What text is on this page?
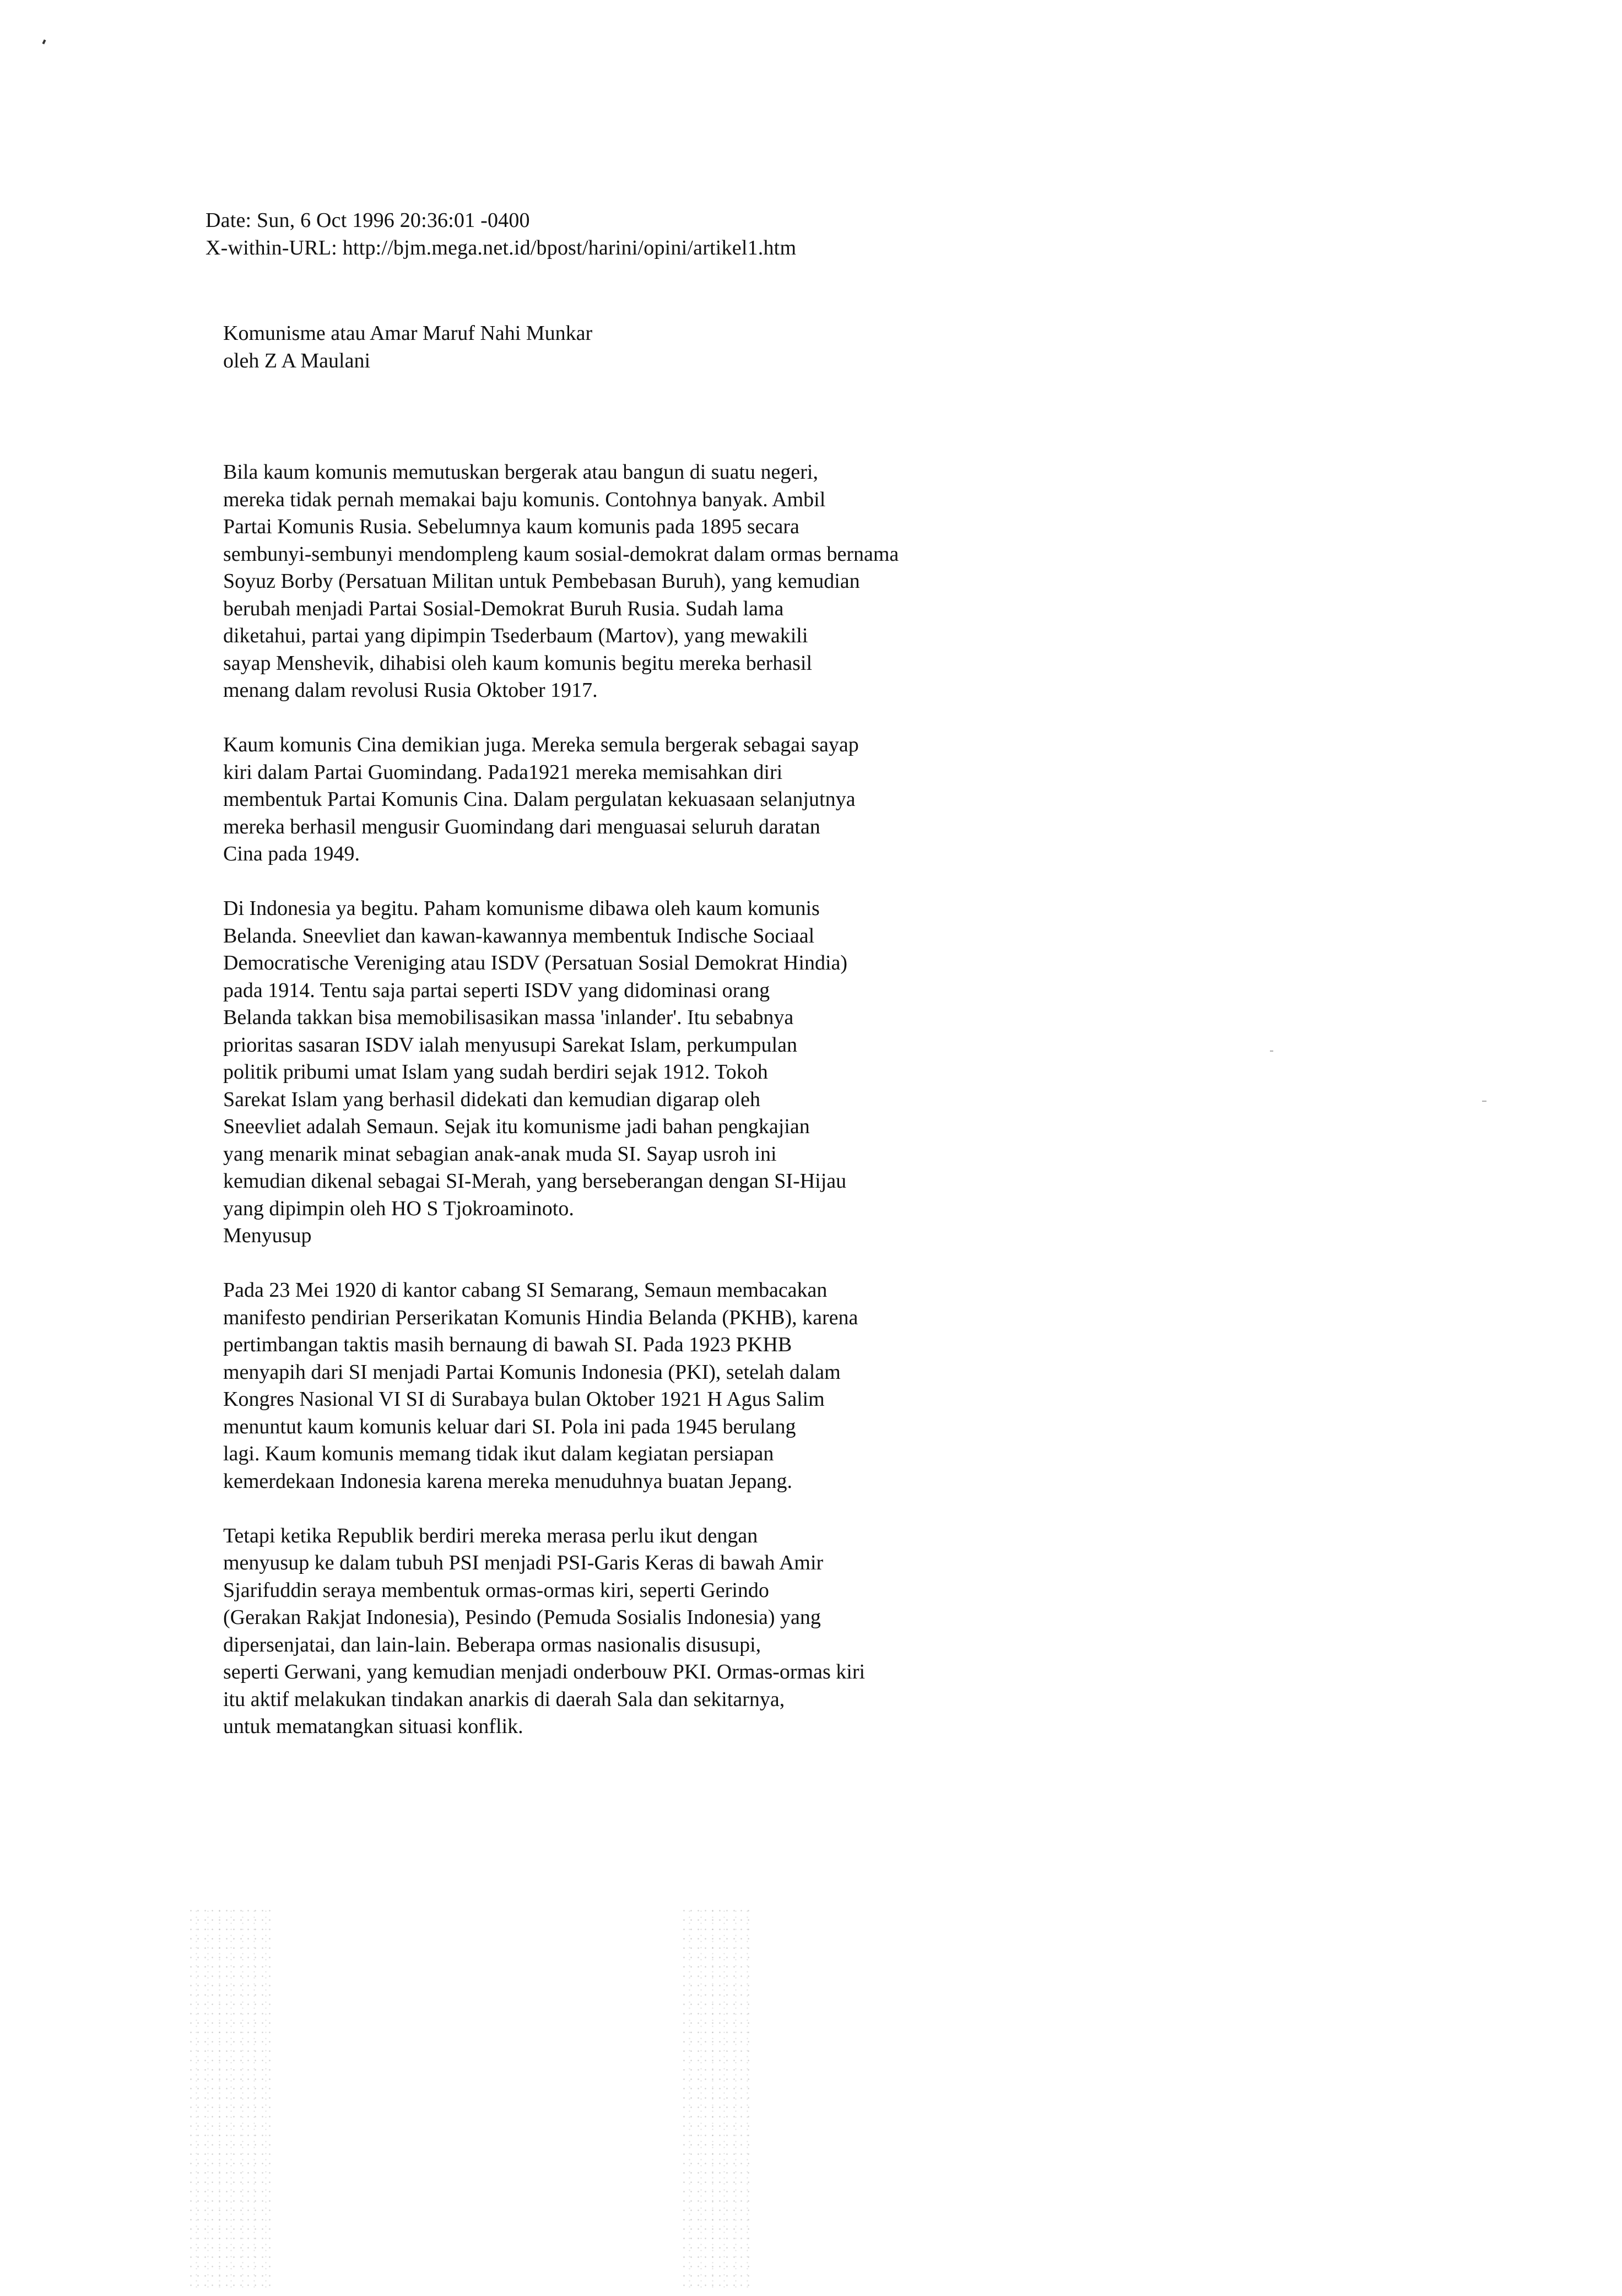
Date: Sun, 6 Oct 1996 20:36:01 -0400
X-within-URL: http://bjm.mega.net.id/bpost/harini/opini/artikel1.htm
Komunisme atau Amar Maruf Nahi Munkar
oleh Z A Maulani
Bila kaum komunis memutuskan bergerak atau bangun di suatu negeri,
mereka tidak pernah memakai baju komunis. Contohnya banyak. Ambil
Partai Komunis Rusia. Sebelumnya kaum komunis pada 1895 secara
sembunyi-sembunyi mendompleng kaum sosial-demokrat dalam ormas bernama
Soyuz Borby (Persatuan Militan untuk Pembebasan Buruh), yang kemudian
berubah menjadi Partai Sosial-Demokrat Buruh Rusia. Sudah lama
diketahui, partai yang dipimpin Tsederbaum (Martov), yang mewakili
sayap Menshevik, dihabisi oleh kaum komunis begitu mereka berhasil
menang dalam revolusi Rusia Oktober 1917.
Kaum komunis Cina demikian juga. Mereka semula bergerak sebagai sayap
kiri dalam Partai Guomindang. Pada1921 mereka memisahkan diri
membentuk Partai Komunis Cina. Dalam pergulatan kekuasaan selanjutnya
mereka berhasil mengusir Guomindang dari menguasai seluruh daratan
Cina pada 1949.
Di Indonesia ya begitu. Paham komunisme dibawa oleh kaum komunis
Belanda. Sneevliet dan kawan-kawannya membentuk Indische Sociaal
Democratische Vereniging atau ISDV (Persatuan Sosial Demokrat Hindia)
pada 1914. Tentu saja partai seperti ISDV yang didominasi orang
Belanda takkan bisa memobilisasikan massa 'inlander'. Itu sebabnya
prioritas sasaran ISDV ialah menyusupi Sarekat Islam, perkumpulan
politik pribumi umat Islam yang sudah berdiri sejak 1912. Tokoh
Sarekat Islam yang berhasil didekati dan kemudian digarap oleh
Sneevliet adalah Semaun. Sejak itu komunisme jadi bahan pengkajian
yang menarik minat sebagian anak-anak muda SI. Sayap usroh ini
kemudian dikenal sebagai SI-Merah, yang berseberangan dengan SI-Hijau
yang dipimpin oleh HO S Tjokroaminoto.
Menyusup
Pada 23 Mei 1920 di kantor cabang SI Semarang, Semaun membacakan
manifesto pendirian Perserikatan Komunis Hindia Belanda (PKHB), karena
pertimbangan taktis masih bernaung di bawah SI. Pada 1923 PKHB
menyapih dari SI menjadi Partai Komunis Indonesia (PKI), setelah dalam
Kongres Nasional VI SI di Surabaya bulan Oktober 1921 H Agus Salim
menuntut kaum komunis keluar dari SI. Pola ini pada 1945 berulang
lagi. Kaum komunis memang tidak ikut dalam kegiatan persiapan
kemerdekaan Indonesia karena mereka menuduhnya buatan Jepang.
Tetapi ketika Republik berdiri mereka merasa perlu ikut dengan
menyusup ke dalam tubuh PSI menjadi PSI-Garis Keras di bawah Amir
Sjarifuddin seraya membentuk ormas-ormas kiri, seperti Gerindo
(Gerakan Rakjat Indonesia), Pesindo (Pemuda Sosialis Indonesia) yang
dipersenjatai, dan lain-lain. Beberapa ormas nasionalis disusupi,
seperti Gerwani, yang kemudian menjadi onderbouw PKI. Ormas-ormas kiri
itu aktif melakukan tindakan anarkis di daerah Sala dan sekitarnya,
untuk mematangkan situasi konflik.
